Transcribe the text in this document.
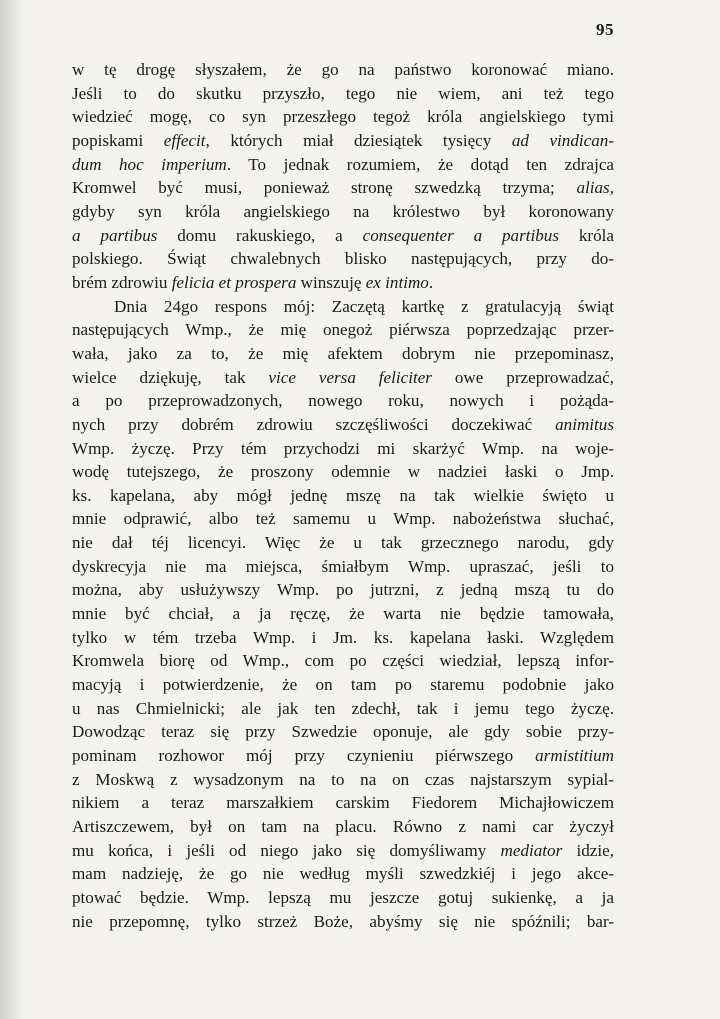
95
w tę drogę słyszałem, że go na państwo koronować miano.
Jeśli to do skutku przyszło, tego nie wiem, ani też tego
wiedzieć mogę, co syn przeszłego tegoż króla angielskiego tymi
popiskami effecit, których miał dziesiątek tysięcy ad vindican-
dum hoc imperium. To jednak rozumiem, że dotąd ten zdrajca
Kromwel być musi, ponieważ stronę szwedzką trzyma; alias,
gdyby syn króla angielskiego na królestwo był koronowany
a partibus domu rakuskiego, a consequenter a partibus króla
polskiego. Świąt chwalebnych blisko następujących, przy do-
brém zdrowiu felicia et prospera winszuję ex intimo.
Dnia 24go respons mój: Zaczętą kartkę z gratulacyją świąt
następujących Wmp., że mię onegoż piérwsza poprzedzając przer-
wała, jako za to, że mię afektem dobrym nie przepominasz,
wielce dziękuję, tak vice versa feliciter owe przeprowadzać,
a po przeprowadzonych, nowego roku, nowych i pożąda-
nych przy dobrém zdrowiu szczęśliwości doczekiwać animitus
Wmp. życzę. Przy tém przychodzi mi skarżyć Wmp. na woje-
wodę tutejszego, że proszony odemnie w nadziei łaski o Jmp.
ks. kapelana, aby mógł jednę mszę na tak wielkie święto u
mnie odprawić, albo też samemu u Wmp. nabożeństwa słuchać,
nie dał téj licencyi. Więc że u tak grzecznego narodu, gdy
dyskrecyja nie ma miejsca, śmiałbym Wmp. upraszać, jeśli to
można, aby usłużywszy Wmp. po jutrzni, z jedną mszą tu do
mnie być chciał, a ja ręczę, że warta nie będzie tamowała,
tylko w tém trzeba Wmp. i Jm. ks. kapelana łaski. Względem
Kromwela biorę od Wmp., com po części wiedział, lepszą infor-
macyją i potwierdzenie, że on tam po staremu podobnie jako
u nas Chmielnicki; ale jak ten zdechł, tak i jemu tego życzę.
Dowodząc teraz się przy Szwedzie oponuje, ale gdy sobie przy-
pominam rozhowor mój przy czynieniu piérwszego armistitium
z Moskwą z wysadzonym na to na on czas najstarszym sypial-
nikiem a teraz marszałkiem carskim Fiedorem Michajłowiczem
Artiszczewem, był on tam na placu. Równo z nami car życzył
mu końca, i jeśli od niego jako się domyśliwamy mediator idzie,
mam nadzieję, że go nie według myśli szwedzkiéj i jego akce-
ptować będzie. Wmp. lepszą mu jeszcze gotuj sukienkę, a ja
nie przepomnę, tylko strzeż Boże, abyśmy się nie spóźnili; bar-
